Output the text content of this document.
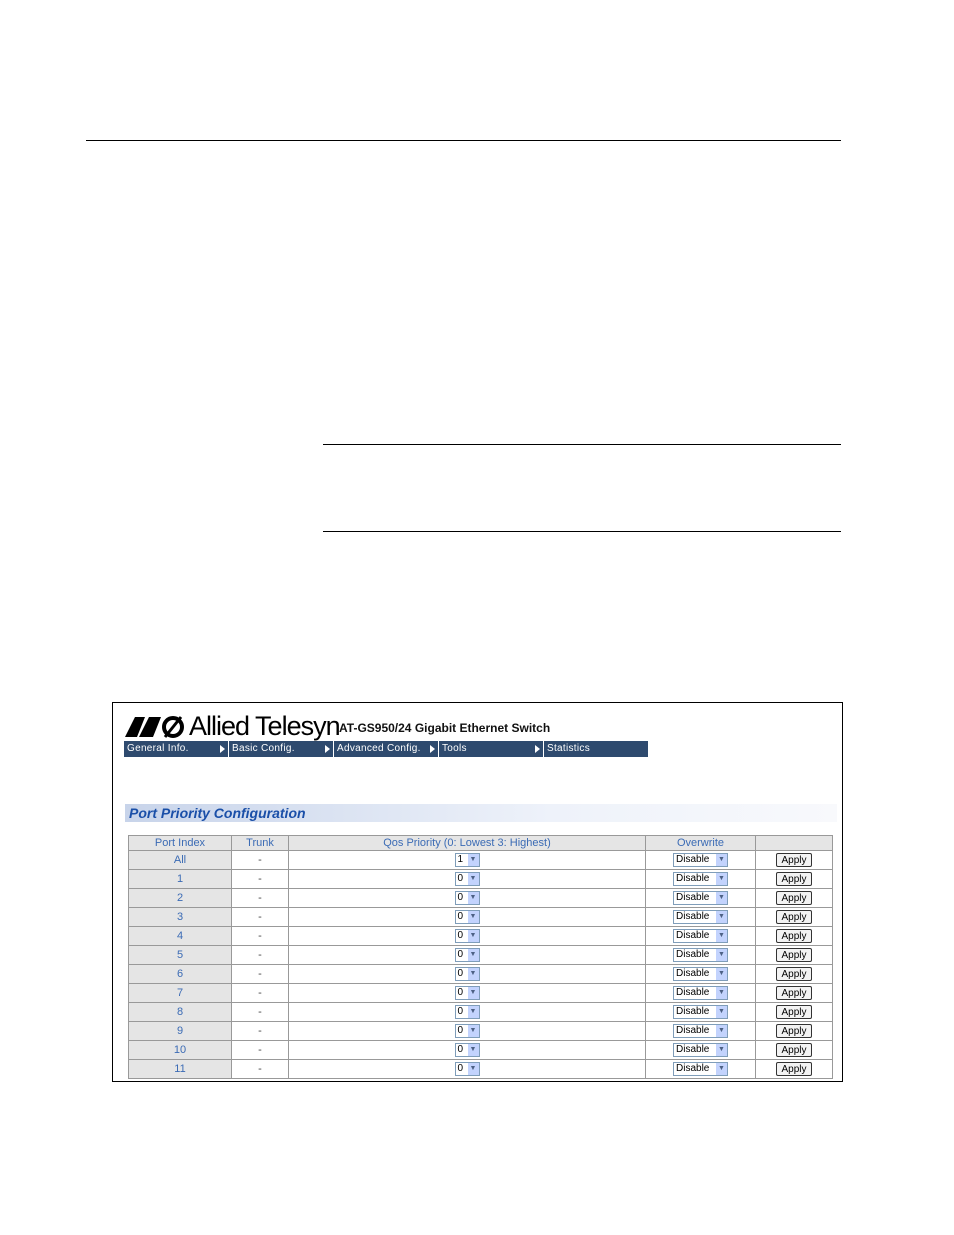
Allied Telesyn AT-GS950/24 Gigabit Ethernet Switch
General Info.	Basic Config.	Advanced Config.	Tools	Statistics
Port Priority Configuration
Port Index	Trunk	Qos Priority (0: Lowest 3: Highest)	Overwrite	
All	-	1 ▼	Disable ▼	Apply
1	-	0 ▼	Disable ▼	Apply
2	-	0 ▼	Disable ▼	Apply
3	-	0 ▼	Disable ▼	Apply
4	-	0 ▼	Disable ▼	Apply
5	-	0 ▼	Disable ▼	Apply
6	-	0 ▼	Disable ▼	Apply
7	-	0 ▼	Disable ▼	Apply
8	-	0 ▼	Disable ▼	Apply
9	-	0 ▼	Disable ▼	Apply
10	-	0 ▼	Disable ▼	Apply
11	-	0 ▼	Disable ▼	Apply
